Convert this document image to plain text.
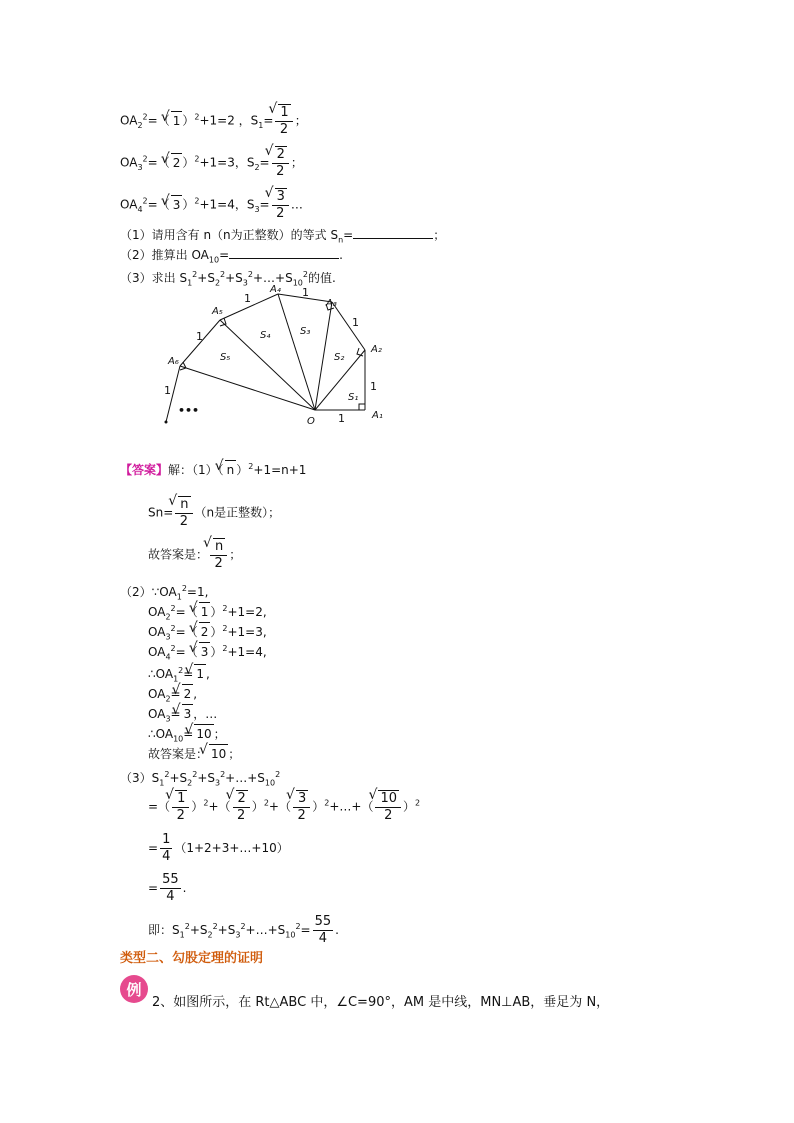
$OA_2^2=(√$ 1 ）$^2$+1=2 ，$S_1=$
√ $\frac{1}{2}$ ；
$OA_3^2=(√$ 2 ）$^2$+1=3，$S_2=$
√ $\frac{2}{2}$ ；
$OA_4^2=(√$ 3 ）$^2$+1=4，$S_3=$
√ $\frac{3}{2}$ …
（1）请用含有 n（n为正整数）的等式 $S_n=$	；
（2）推算出 $OA_{10}=$	.
（3）求出 $S_1^2+S_2^2+S_3^2+\dots+S_{10}^2$的值.
A₁
A₂
A₃
A₄
A₅
A₆
O
S₁
S₂
S₃
S₄
S₅
1
1
1
1
1
1
1
•••
【答案】解：（1）（√ n ）$^2$+1=n+1
Sn=
√ $\frac{n}{2} (n$是正整数）；
故答案是：
√ $\frac{n}{2}$ ；
$(2)\because OA_1^2=1$,
$OA_2^2=(√$ 1 ）$^2$+1=2,
$OA_3^2=(√$ 2 ）$^2$+1=3,
$OA_4^2=(√$ 3 ）$^2$+1=4,
$\therefore OA_1^2=√$ 1 ,
$OA_2=√$ 2 ,
$OA_3=√$ 3 ，…
$\therefore OA_{10}=√$ 10 ；
故答案是：√ 10 ；
$(3)S_1^2+S_2^2+S_3^2+\dots+S_{10}^2$
=（
√ $\frac{1}{2} )^2+$（
√ $\frac{2}{2} )^2+$（
√ $\frac{3}{2}$ ）$^2$+…+（
√ $\frac{10}{2} )^2$
= $\frac{1}{4}$ （1+2+3+…+10）
= $\frac{55}{4}$ .
即：$S_1^2+S_2^2+S_3^2+\dots+S_{10}^2= \frac{55}{4}$ .
类型二、勾股定理的证明
例
2、如图所示，在 Rt△ABC 中，∠C=90°，AM 是中线，MN⊥AB，垂足为 N，
